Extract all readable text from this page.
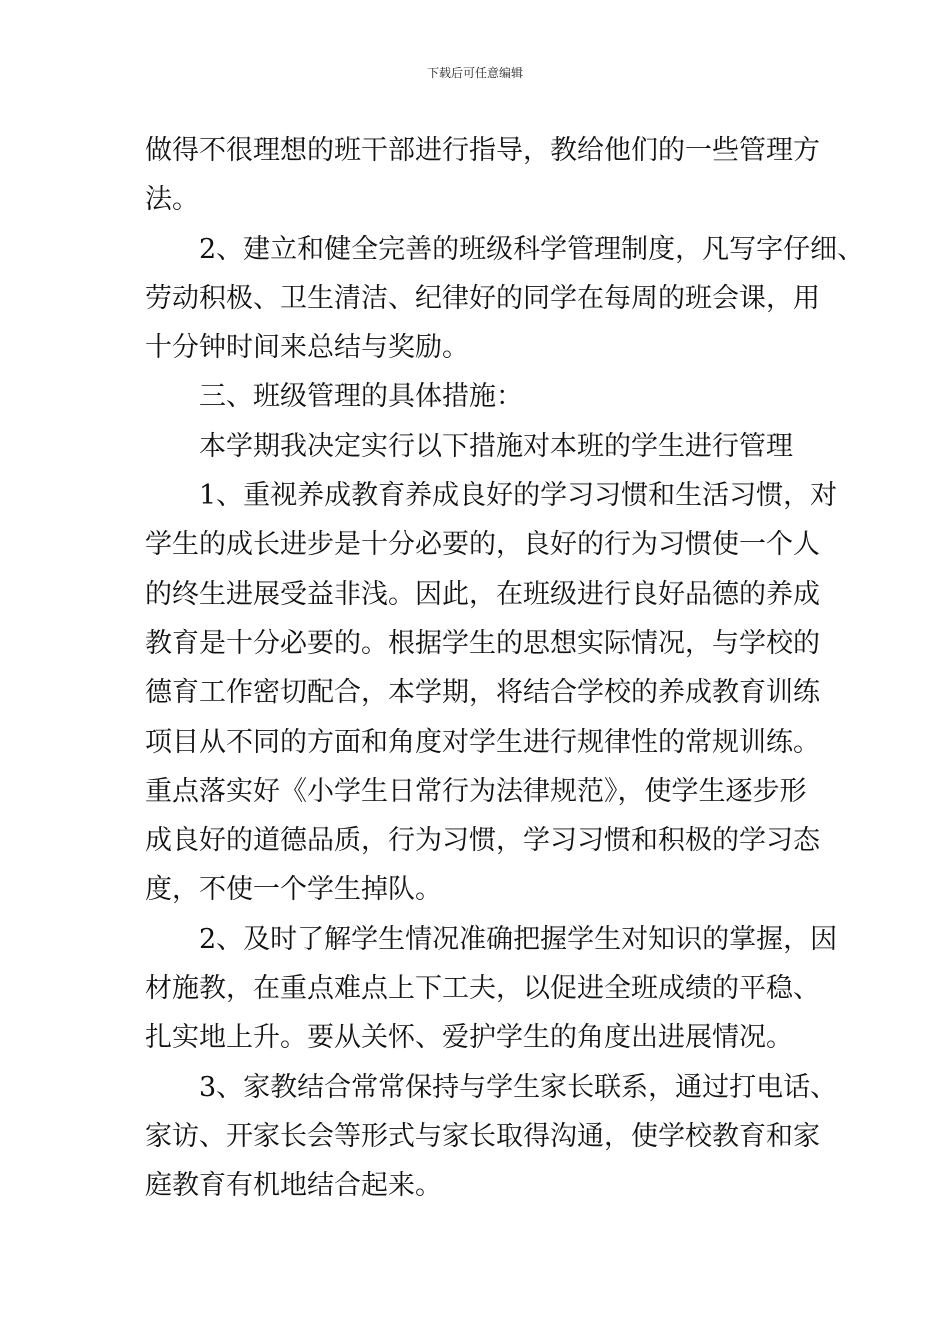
下载后可任意编辑
做得不很理想的班干部进行指导，教给他们的一些管理方
法。
2、建立和健全完善的班级科学管理制度，凡写字仔细、
劳动积极、卫生清洁、纪律好的同学在每周的班会课，用
十分钟时间来总结与奖励。
三、班级管理的具体措施：
本学期我决定实行以下措施对本班的学生进行管理
1、重视养成教育养成良好的学习习惯和生活习惯，对
学生的成长进步是十分必要的，良好的行为习惯使一个人
的终生进展受益非浅。因此，在班级进行良好品德的养成
教育是十分必要的。根据学生的思想实际情况，与学校的
德育工作密切配合，本学期，将结合学校的养成教育训练
项目从不同的方面和角度对学生进行规律性的常规训练。
重点落实好《小学生日常行为法律规范》，使学生逐步形
成良好的道德品质，行为习惯，学习习惯和积极的学习态
度，不使一个学生掉队。
2、及时了解学生情况准确把握学生对知识的掌握，因
材施教，在重点难点上下工夫，以促进全班成绩的平稳、
扎实地上升。要从关怀、爱护学生的角度出进展情况。
3、家教结合常常保持与学生家长联系，通过打电话、
家访、开家长会等形式与家长取得沟通，使学校教育和家
庭教育有机地结合起来。
